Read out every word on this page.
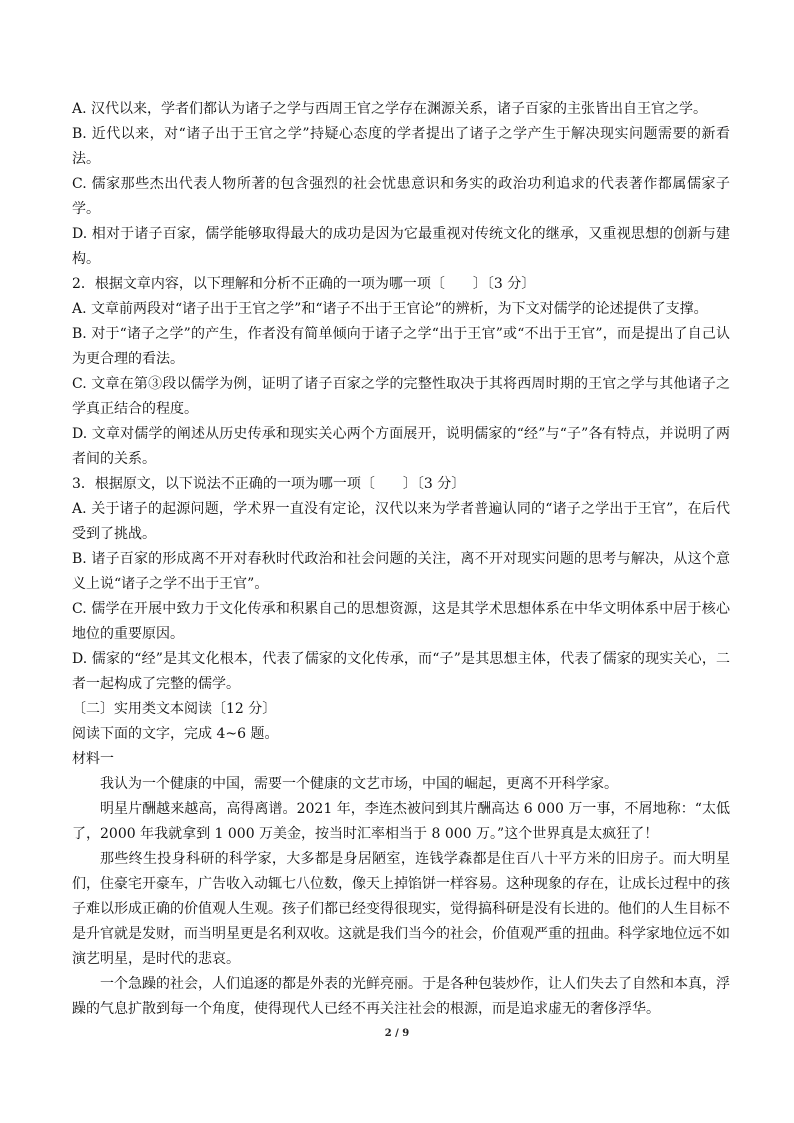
A. 汉代以来，学者们都认为诸子之学与西周王官之学存在渊源关系，诸子百家的主张皆出自王官之学。

B. 近代以来，对“诸子出于王官之学”持疑心态度的学者提出了诸子之学产生于解决现实问题需要的新看法。

C. 儒家那些杰出代表人物所著的包含强烈的社会忧患意识和务实的政治功利追求的代表著作都属儒家子学。

D. 相对于诸子百家，儒学能够取得最大的成功是因为它最重视对传统文化的继承，又重视思想的创新与建构。

2．根据文章内容，以下理解和分析不正确的一项为哪一项〔　　〕〔3 分〕

A. 文章前两段对“诸子出于王官之学”和“诸子不出于王官论”的辨析，为下文对儒学的论述提供了支撑。

B. 对于“诸子之学”的产生，作者没有简单倾向于诸子之学“出于王官”或“不出于王官”，而是提出了自己认为更合理的看法。

C. 文章在第③段以儒学为例，证明了诸子百家之学的完整性取决于其将西周时期的王官之学与其他诸子之学真正结合的程度。

D. 文章对儒学的阐述从历史传承和现实关心两个方面展开，说明儒家的“经”与“子”各有特点，并说明了两者间的关系。

3．根据原文，以下说法不正确的一项为哪一项〔　　〕〔3 分〕

A. 关于诸子的起源问题，学术界一直没有定论，汉代以来为学者普遍认同的“诸子之学出于王官”，在后代受到了挑战。

B. 诸子百家的形成离不开对春秋时代政治和社会问题的关注，离不开对现实问题的思考与解决，从这个意义上说“诸子之学不出于王官”。

C. 儒学在开展中致力于文化传承和积累自己的思想资源，这是其学术思想体系在中华文明体系中居于核心地位的重要原因。

D. 儒家的“经”是其文化根本，代表了儒家的文化传承，而“子”是其思想主体，代表了儒家的现实关心，二者一起构成了完整的儒学。

〔二〕实用类文本阅读〔12 分〕

阅读下面的文字，完成 4~6 题。

材料一

我认为一个健康的中国，需要一个健康的文艺市场，中国的崛起，更离不开科学家。

明星片酬越来越高，高得离谱。2021 年，李连杰被问到其片酬高达 6 000 万一事，不屑地称：“太低了，2000 年我就拿到 1 000 万美金，按当时汇率相当于 8 000 万。”这个世界真是太疯狂了！

那些终生投身科研的科学家，大多都是身居陋室，连钱学森都是住百八十平方米的旧房子。而大明星们，住豪宅开豪车，广告收入动辄七八位数，像天上掉馅饼一样容易。这种现象的存在，让成长过程中的孩子难以形成正确的价值观人生观。孩子们都已经变得很现实，觉得搞科研是没有长进的。他们的人生目标不是升官就是发财，而当明星更是名利双收。这就是我们当今的社会，价值观严重的扭曲。科学家地位远不如演艺明星，是时代的悲哀。

一个急躁的社会，人们追逐的都是外表的光鲜亮丽。于是各种包装炒作，让人们失去了自然和本真，浮躁的气息扩散到每一个角度，使得现代人已经不再关注社会的根源，而是追求虚无的奢侈浮华。

2 / 9
